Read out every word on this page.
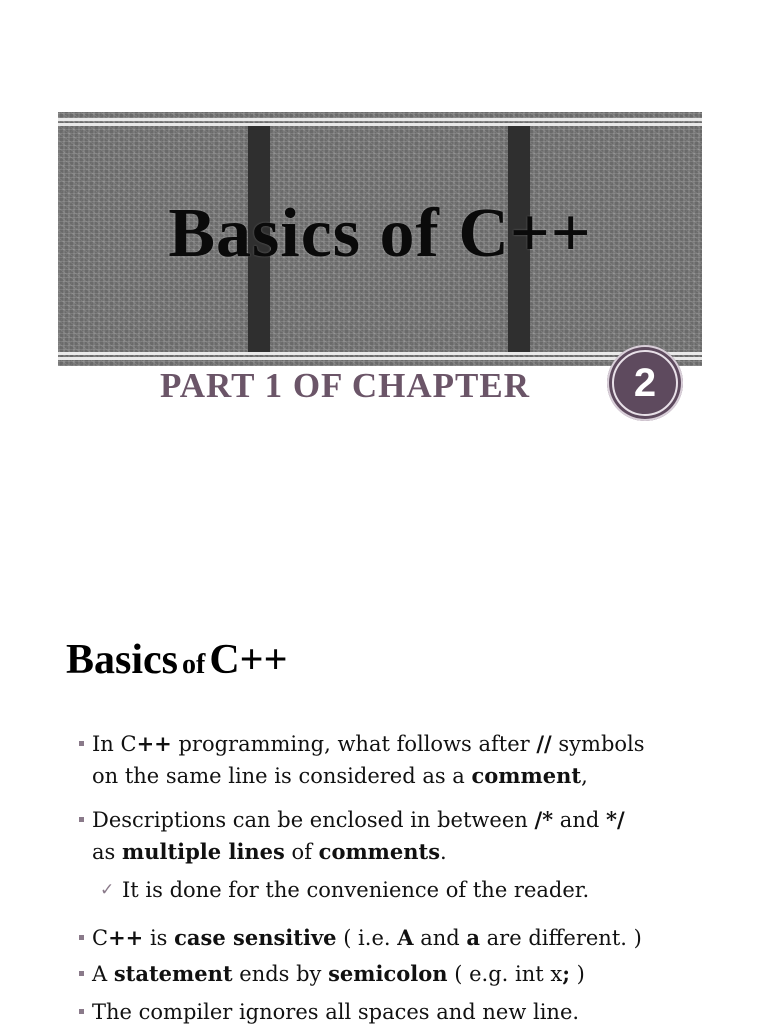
Basics of C++
PART 1 OF CHAPTER	2
Basics of C++
In C++ programming, what follows after // symbols
on the same line is considered as a comment,
Descriptions can be enclosed in between /* and */
as multiple lines of comments.
✓ It is done for the convenience of the reader.
C++ is case sensitive ( i.e. A and a are different. )
A statement ends by semicolon ( e.g. int x; )
The compiler ignores all spaces and new line.
